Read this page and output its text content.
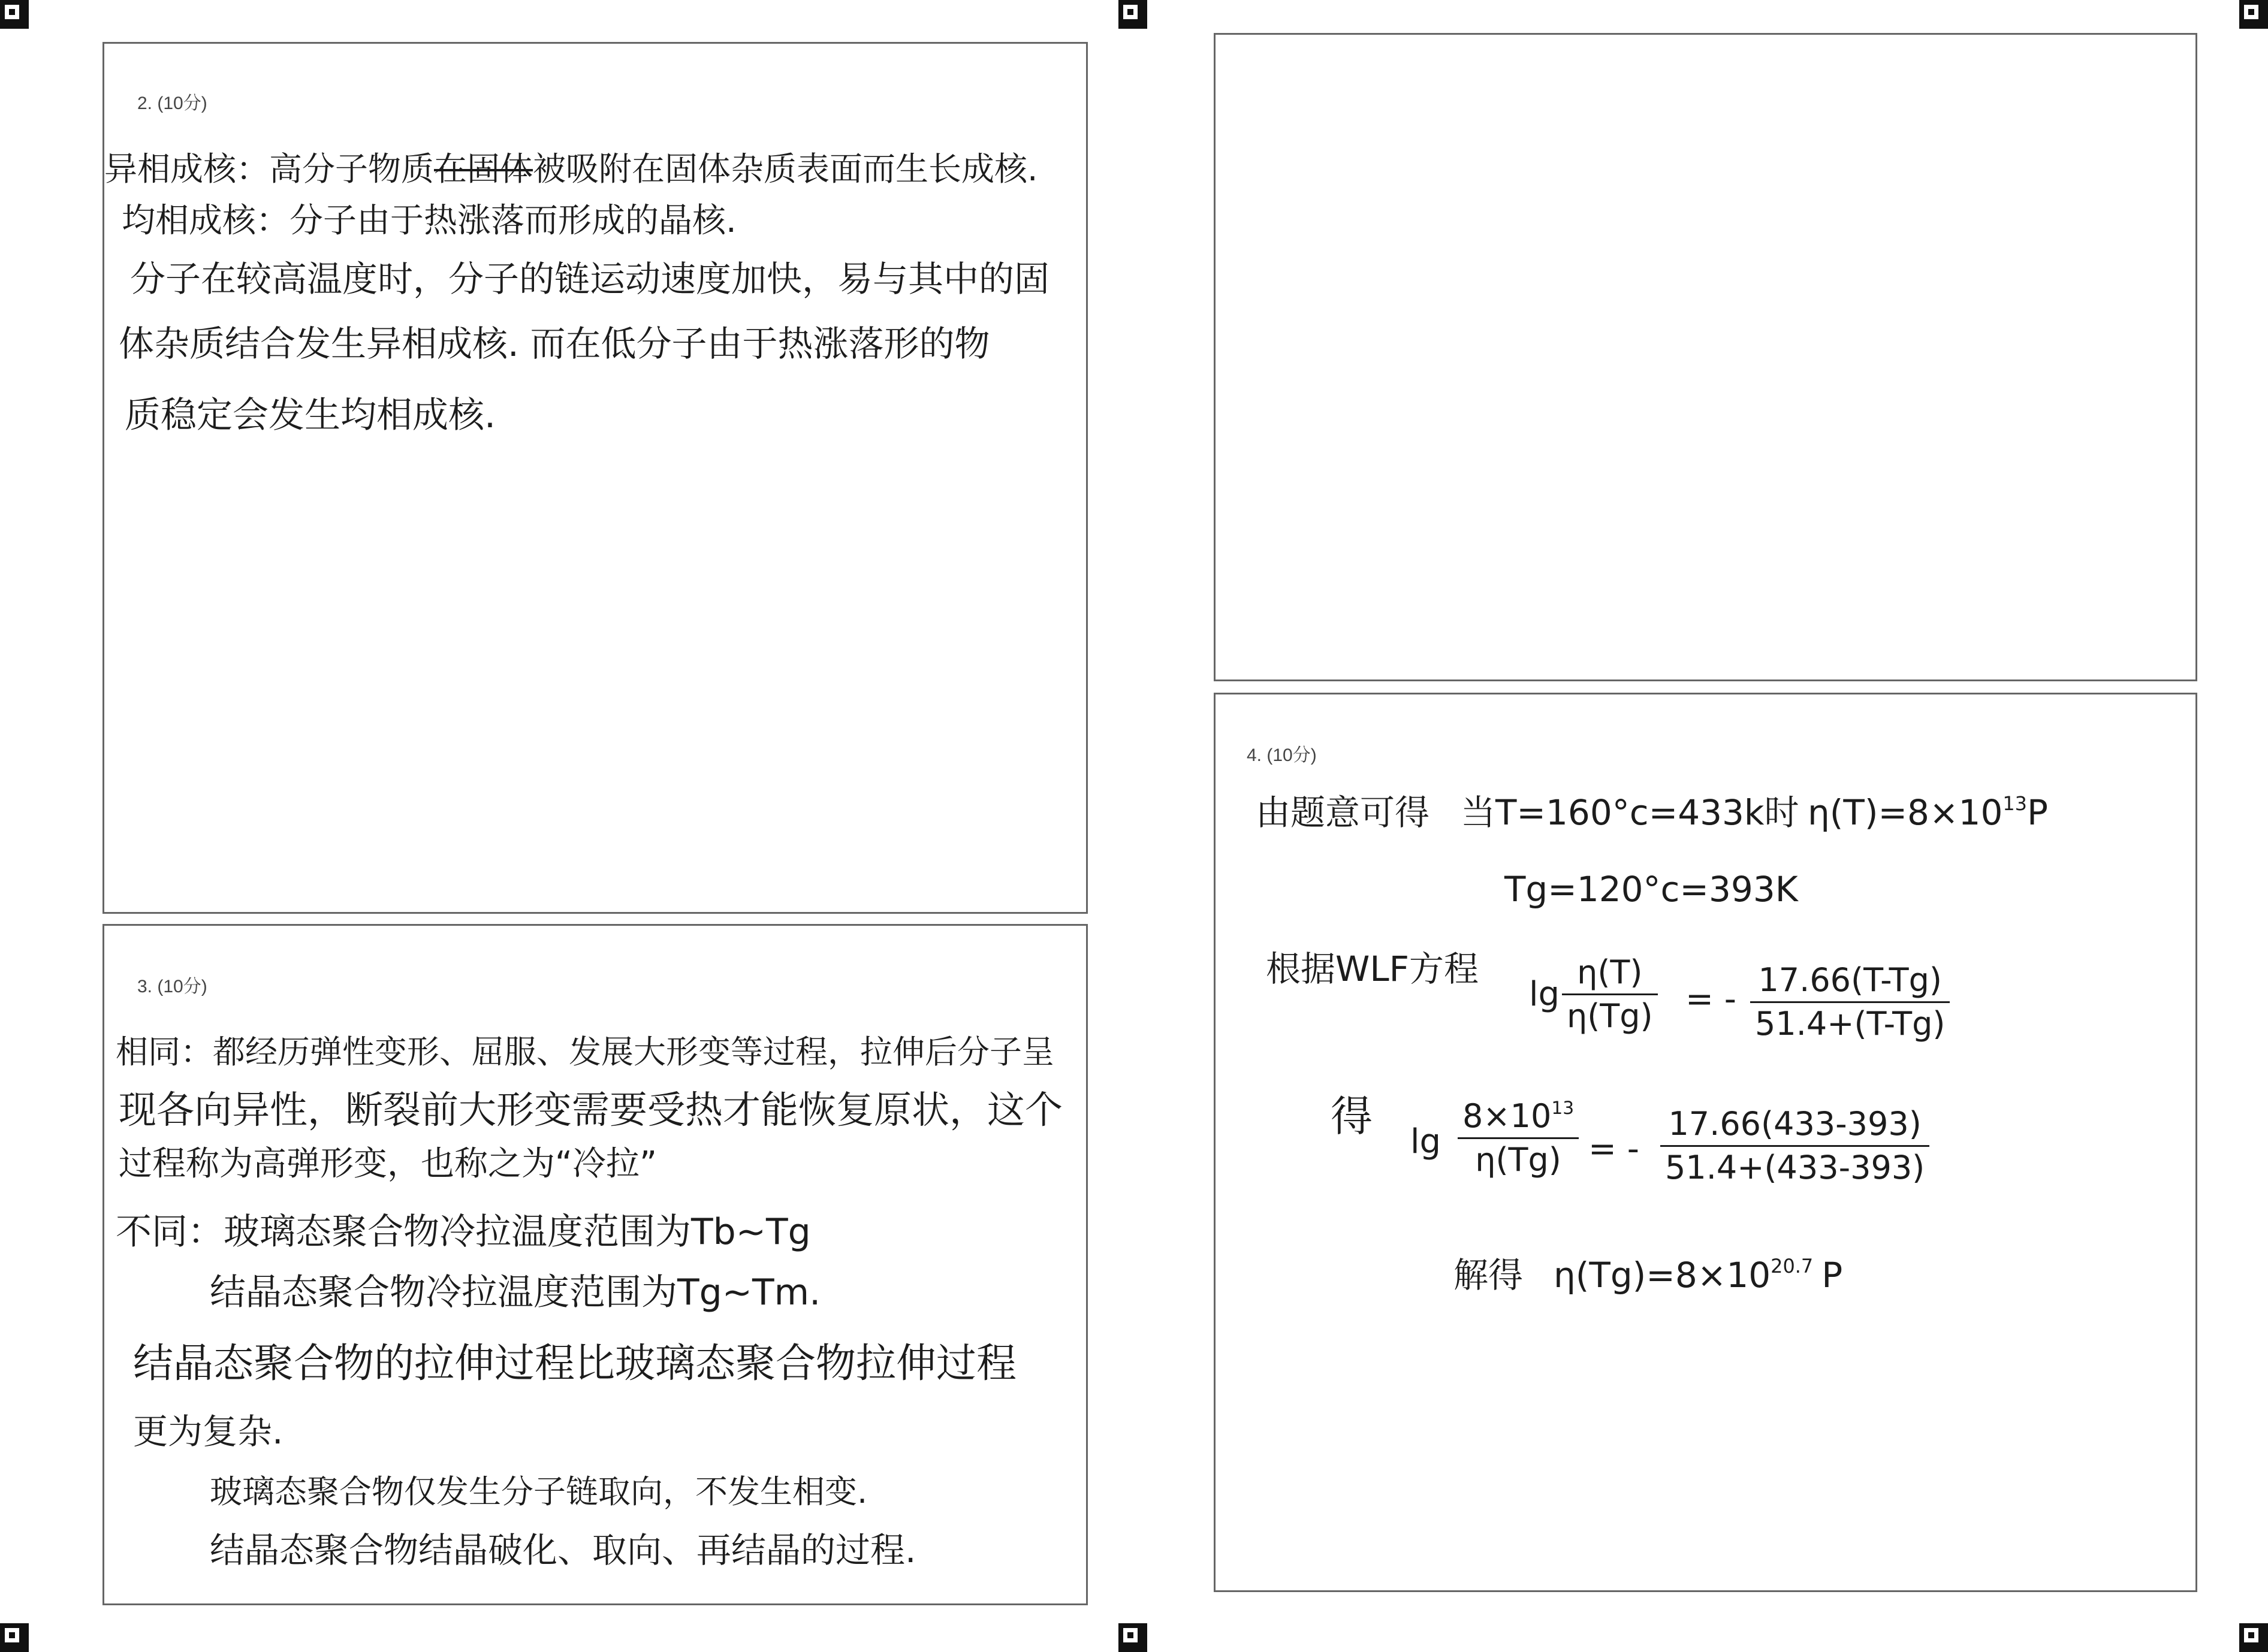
2. (10分)
异相成核：高分子物质在固体被吸附在固体杂质表面而生长成核.
均相成核：分子由于热涨落而形成的晶核.
分子在较高温度时，分子的链运动速度加快，易与其中的固
体杂质结合发生异相成核. 而在低分子由于热涨落形的物
质稳定会发生均相成核.
3. (10分)
相同：都经历弹性变形、屈服、发展大形变等过程，拉伸后分子呈
现各向异性，断裂前大形变需要受热才能恢复原状，这个
过程称为高弹形变，也称之为“冷拉”
不同：玻璃态聚合物冷拉温度范围为Tb~Tg
结晶态聚合物冷拉温度范围为Tg~Tm.
结晶态聚合物的拉伸过程比玻璃态聚合物拉伸过程
更为复杂.
玻璃态聚合物仅发生分子链取向，不发生相变.
结晶态聚合物结晶破化、取向、再结晶的过程.
4. (10分)
由题意可得 当T=160°c=433k时 $\eta(T)=8\times 10^{13}P$
Tg=120°c=393K
根据WLF方程
lg
η(T)
η(Tg) = - 17.66(T-Tg)
51.4+(T-Tg)
得
lg
$8\times 10^{13}$
η(Tg) = -
17.66(433-393)
51.4+(433-393)
解得 $\eta(Tg)=8\times 10^{20.7}$ P
